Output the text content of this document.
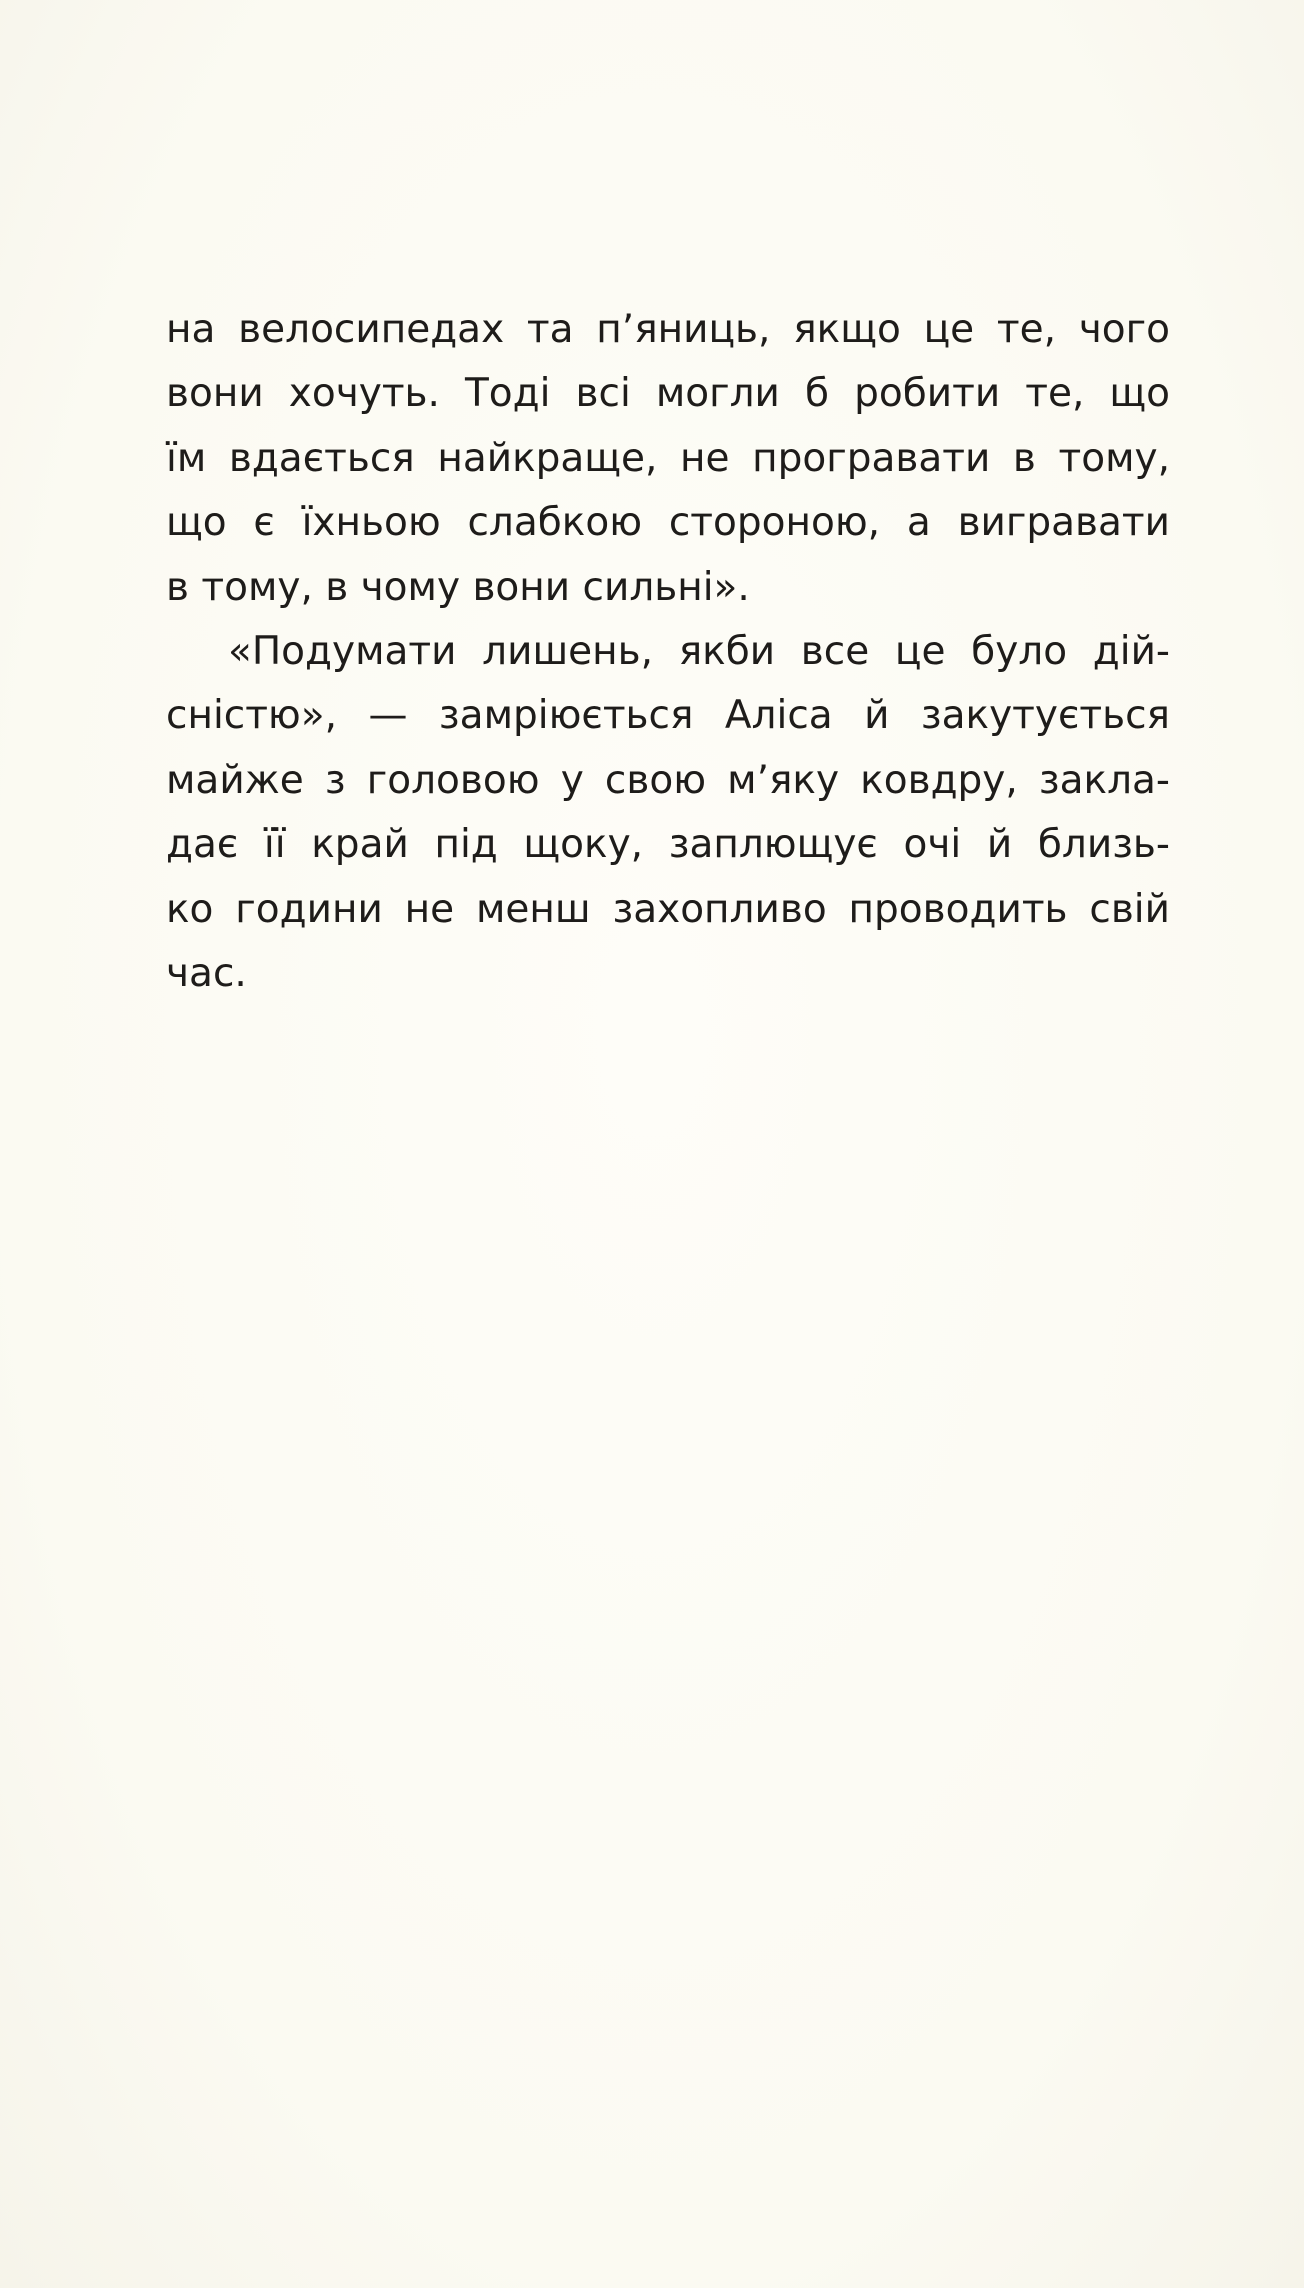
на велосипедах та п’яниць, якщо це те, чого
вони хочуть. Тоді всі могли б робити те, що
їм вдається найкраще, не програвати в тому,
що є їхньою слабкою стороною, а вигравати
в тому, в чому вони сильні».
«Подумати лишень, якби все це було дій-
сністю», — замріюється Аліса й закутується
майже з головою у свою м’яку ковдру, закла-
дає її край під щоку, заплющує очі й близь-
ко години не менш захопливо проводить свій
час.
